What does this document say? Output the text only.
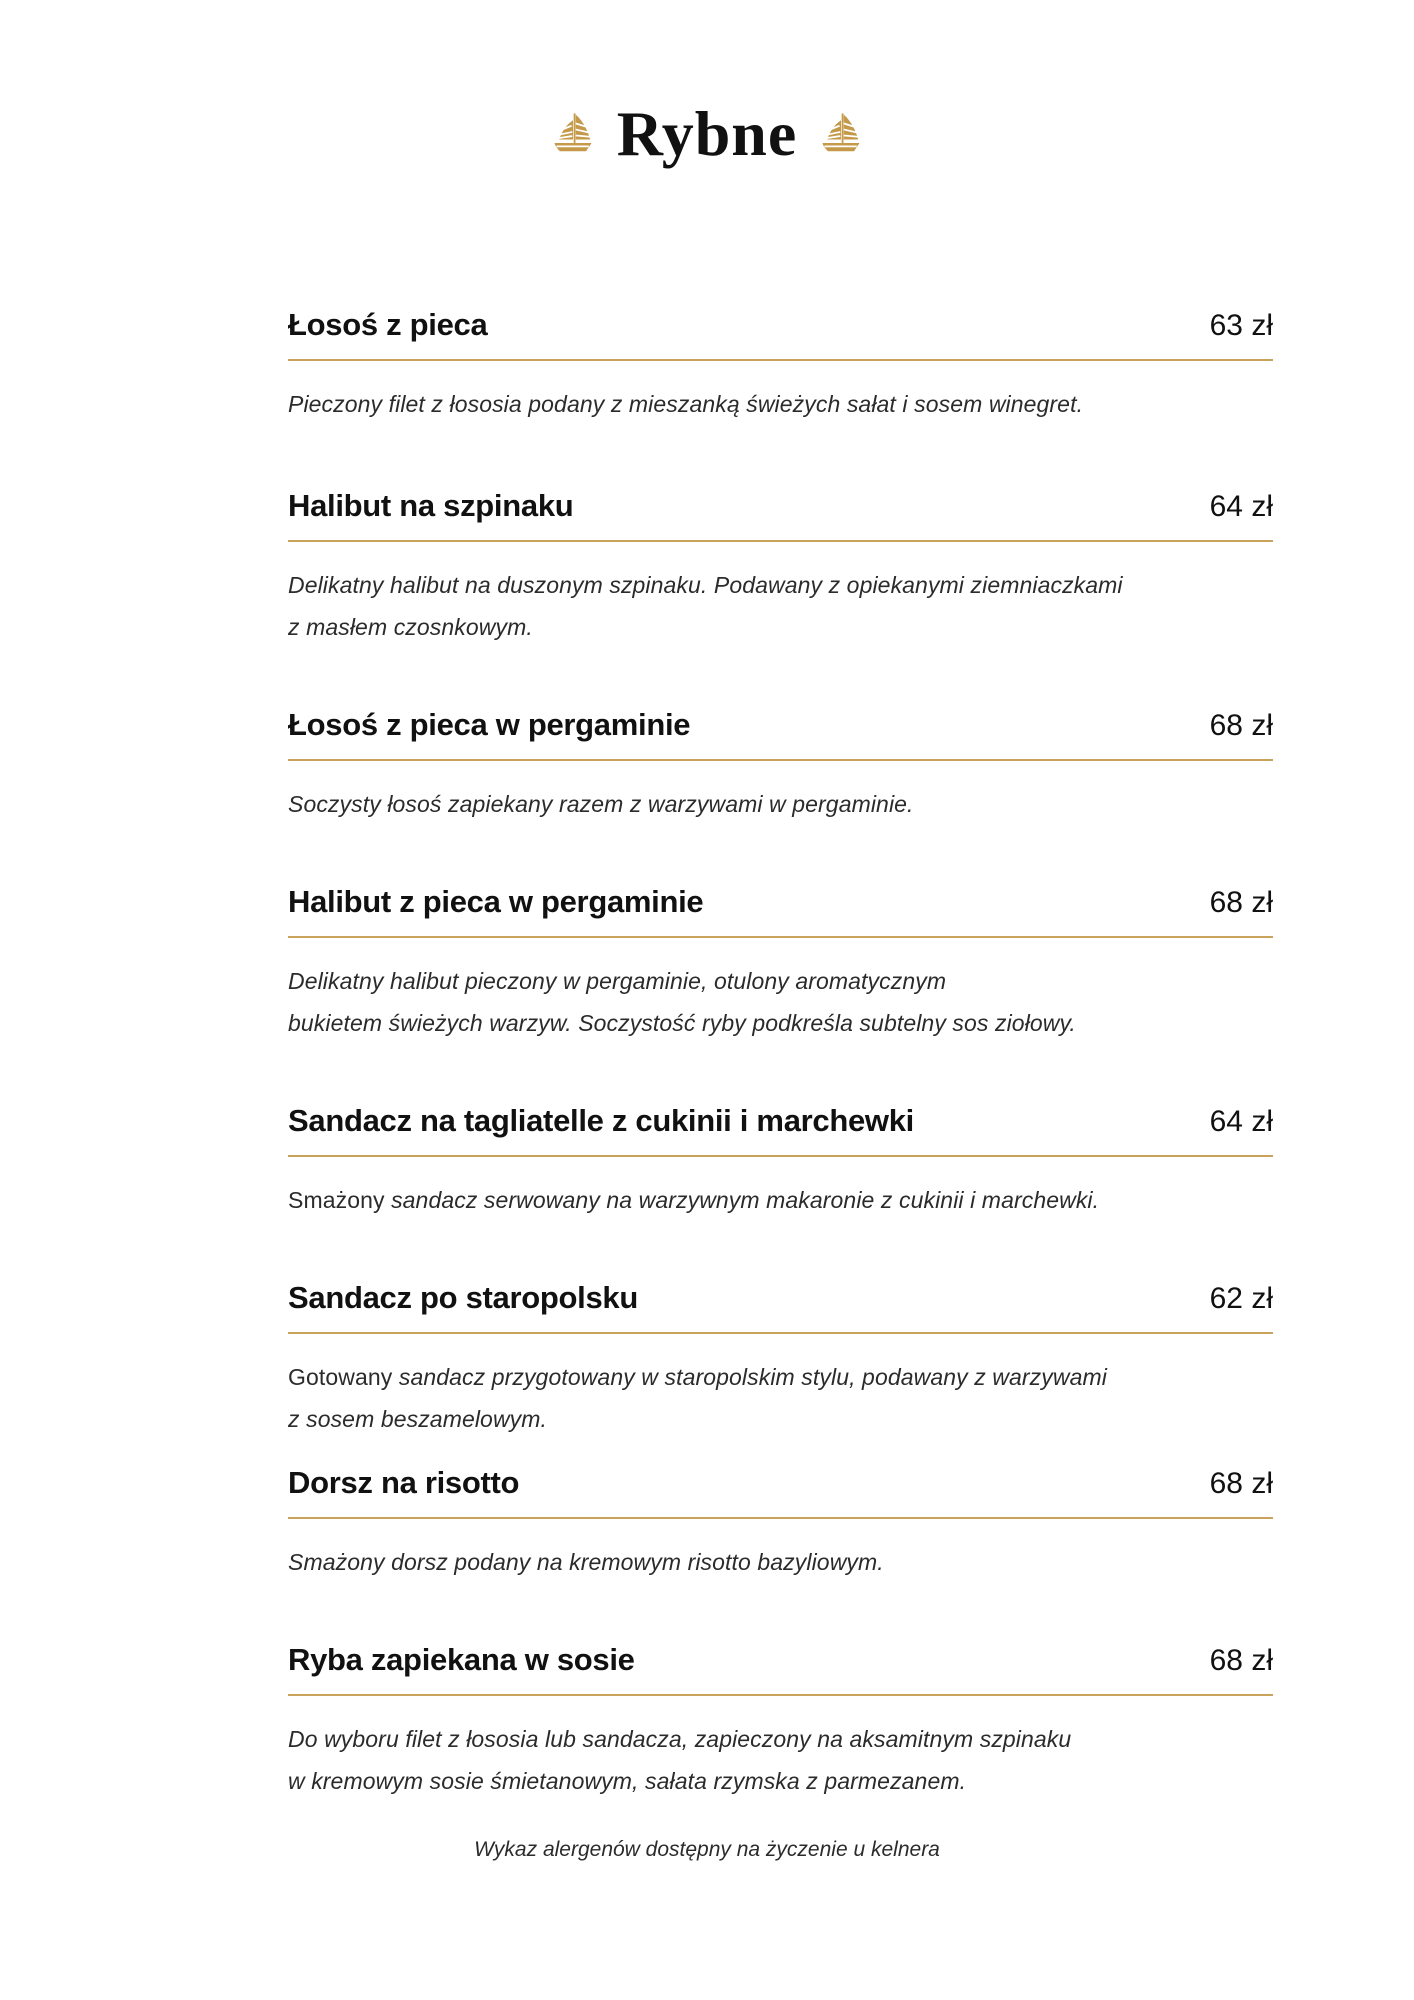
Rybne
Łosoś z pieca	63 zł

Pieczony filet z łososia podany z mieszanką świeżych sałat i sosem winegret.

Halibut na szpinaku	64 zł

Delikatny halibut na duszonym szpinaku. Podawany z opiekanymi ziemniaczkami
z masłem czosnkowym.

Łosoś z pieca w pergaminie	68 zł

Soczysty łosoś zapiekany razem z warzywami w pergaminie.

Halibut z pieca w pergaminie	68 zł

Delikatny halibut pieczony w pergaminie, otulony aromatycznym
bukietem świeżych warzyw. Soczystość ryby podkreśla subtelny sos ziołowy.

Sandacz na tagliatelle z cukinii i marchewki	64 zł

Smażony sandacz serwowany na warzywnym makaronie z cukinii i marchewki.

Sandacz po staropolsku	62 zł

Gotowany sandacz przygotowany w staropolskim stylu, podawany z warzywami
z sosem beszamelowym.

Dorsz na risotto	68 zł

Smażony dorsz podany na kremowym risotto bazyliowym.

Ryba zapiekana w sosie	68 zł

Do wyboru filet z łososia lub sandacza, zapieczony na aksamitnym szpinaku
w kremowym sosie śmietanowym, sałata rzymska z parmezanem.

Wykaz alergenów dostępny na życzenie u kelnera
